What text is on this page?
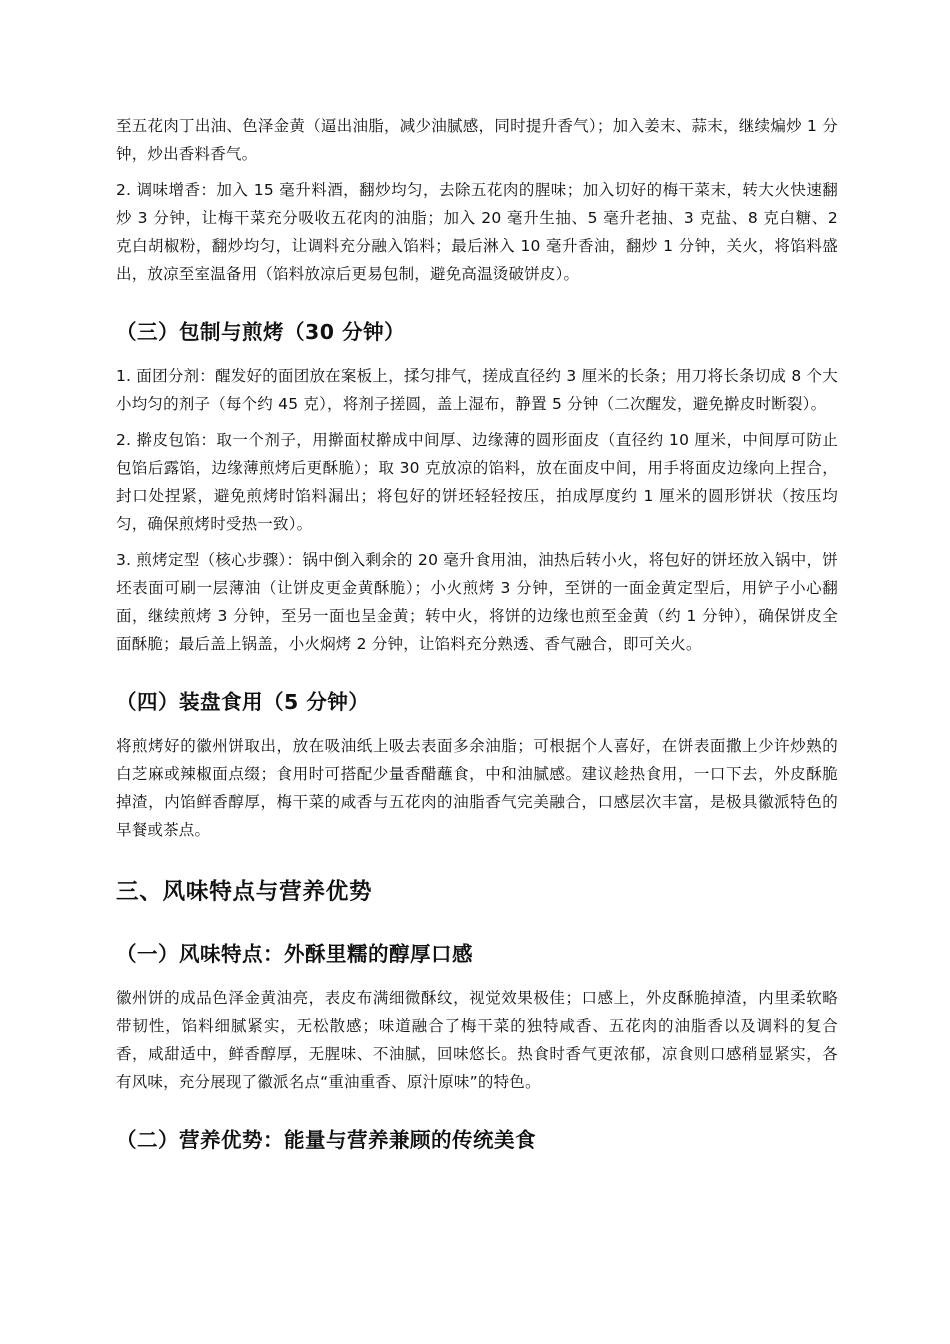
至五花肉丁出油、色泽金黄（逼出油脂，减少油腻感，同时提升香气）；加入姜末、蒜末，继续煸炒 1 分钟，炒出香料香气。

2. 调味增香：加入 15 毫升料酒，翻炒均匀，去除五花肉的腥味；加入切好的梅干菜末，转大火快速翻炒 3 分钟，让梅干菜充分吸收五花肉的油脂；加入 20 毫升生抽、5 毫升老抽、3 克盐、8 克白糖、2 克白胡椒粉，翻炒均匀，让调料充分融入馅料；最后淋入 10 毫升香油，翻炒 1 分钟，关火，将馅料盛出，放凉至室温备用（馅料放凉后更易包制，避免高温烫破饼皮）。

（三）包制与煎烤（30 分钟）

1. 面团分剂：醒发好的面团放在案板上，揉匀排气，搓成直径约 3 厘米的长条；用刀将长条切成 8 个大小均匀的剂子（每个约 45 克），将剂子搓圆，盖上湿布，静置 5 分钟（二次醒发，避免擀皮时断裂）。

2. 擀皮包馅：取一个剂子，用擀面杖擀成中间厚、边缘薄的圆形面皮（直径约 10 厘米，中间厚可防止包馅后露馅，边缘薄煎烤后更酥脆）；取 30 克放凉的馅料，放在面皮中间，用手将面皮边缘向上捏合，封口处捏紧，避免煎烤时馅料漏出；将包好的饼坯轻轻按压，拍成厚度约 1 厘米的圆形饼状（按压均匀，确保煎烤时受热一致）。

3. 煎烤定型（核心步骤）：锅中倒入剩余的 20 毫升食用油，油热后转小火，将包好的饼坯放入锅中，饼坯表面可刷一层薄油（让饼皮更金黄酥脆）；小火煎烤 3 分钟，至饼的一面金黄定型后，用铲子小心翻面，继续煎烤 3 分钟，至另一面也呈金黄；转中火，将饼的边缘也煎至金黄（约 1 分钟），确保饼皮全面酥脆；最后盖上锅盖，小火焖烤 2 分钟，让馅料充分熟透、香气融合，即可关火。

（四）装盘食用（5 分钟）

将煎烤好的徽州饼取出，放在吸油纸上吸去表面多余油脂；可根据个人喜好，在饼表面撒上少许炒熟的白芝麻或辣椒面点缀；食用时可搭配少量香醋蘸食，中和油腻感。建议趁热食用，一口下去，外皮酥脆掉渣，内馅鲜香醇厚，梅干菜的咸香与五花肉的油脂香气完美融合，口感层次丰富，是极具徽派特色的早餐或茶点。

三、风味特点与营养优势
（一）风味特点：外酥里糯的醇厚口感

徽州饼的成品色泽金黄油亮，表皮布满细微酥纹，视觉效果极佳；口感上，外皮酥脆掉渣，内里柔软略带韧性，馅料细腻紧实，无松散感；味道融合了梅干菜的独特咸香、五花肉的油脂香以及调料的复合香，咸甜适中，鲜香醇厚，无腥味、不油腻，回味悠长。热食时香气更浓郁，凉食则口感稍显紧实，各有风味，充分展现了徽派名点“重油重香、原汁原味”的特色。

（二）营养优势：能量与营养兼顾的传统美食
